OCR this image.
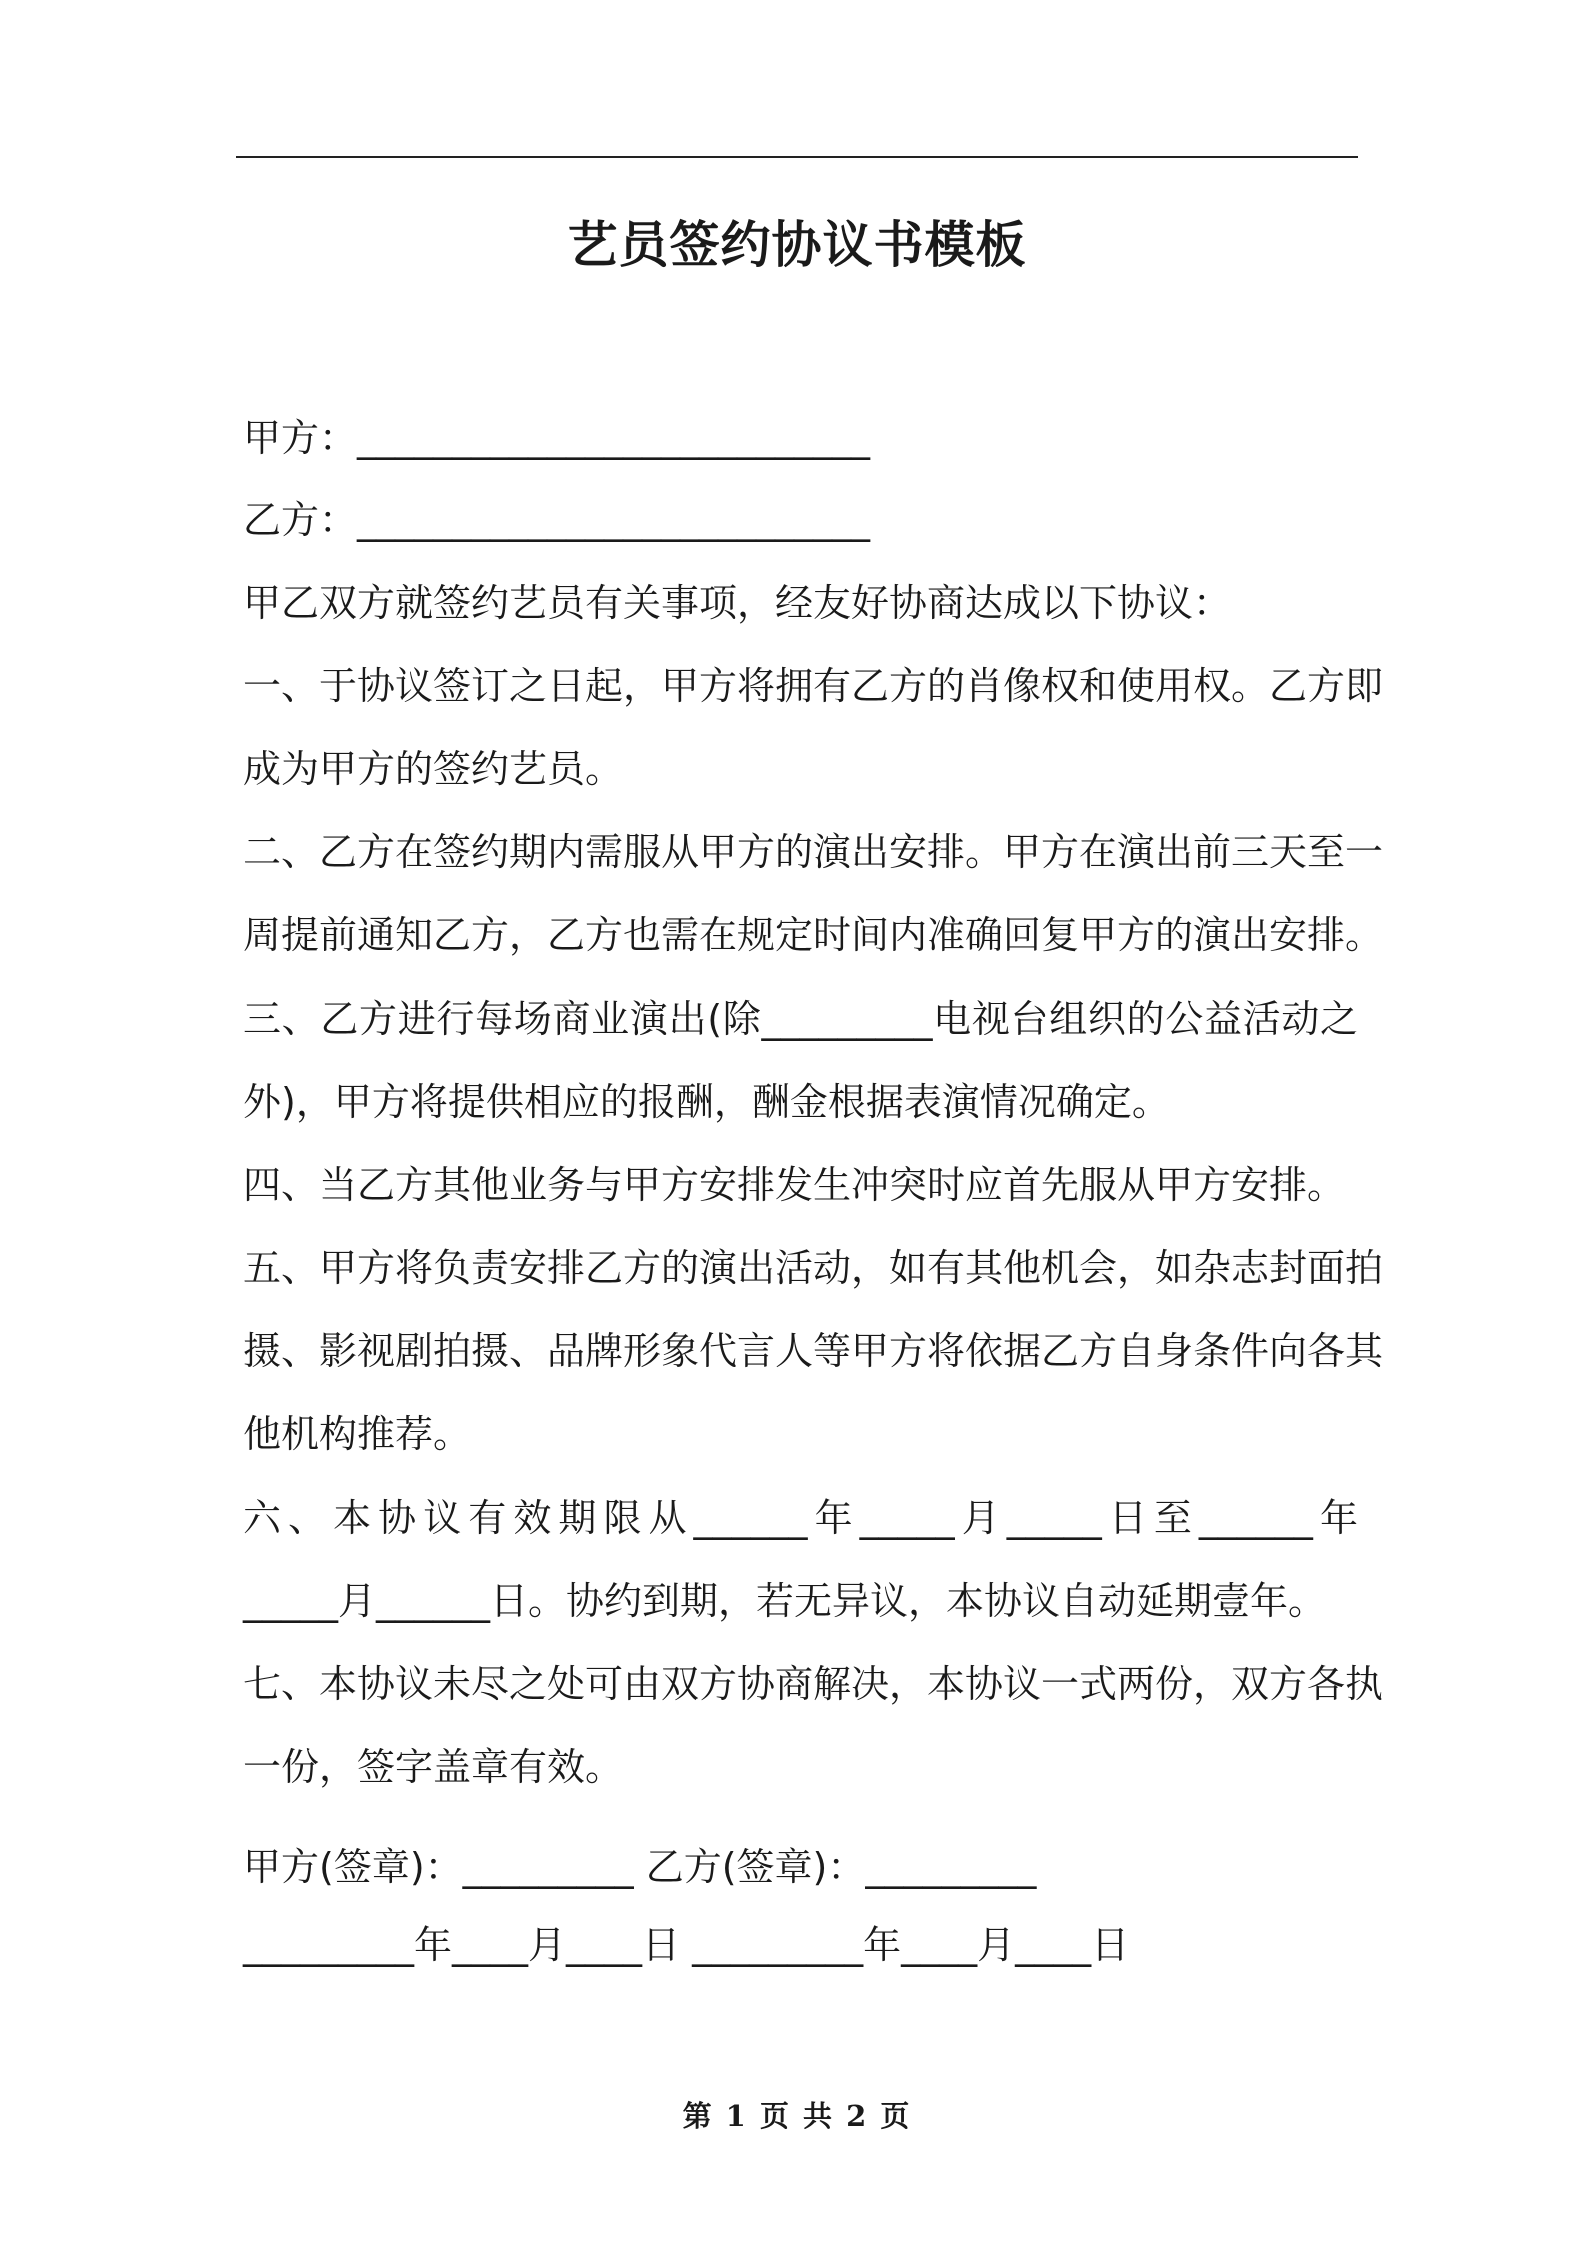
艺员签约协议书模板
甲方：___________________________
乙方：___________________________
甲乙双方就签约艺员有关事项，经友好协商达成以下协议：
一、于协议签订之日起，甲方将拥有乙方的肖像权和使用权。乙方即
成为甲方的签约艺员。
二、乙方在签约期内需服从甲方的演出安排。甲方在演出前三天至一
周提前通知乙方，乙方也需在规定时间内准确回复甲方的演出安排。
三、乙方进行每场商业演出(除_________电视台组织的公益活动之
外)，甲方将提供相应的报酬，酬金根据表演情况确定。
四、当乙方其他业务与甲方安排发生冲突时应首先服从甲方安排。
五、甲方将负责安排乙方的演出活动，如有其他机会，如杂志封面拍
摄、影视剧拍摄、品牌形象代言人等甲方将依据乙方自身条件向各其
他机构推荐。
六、本协议有效期限从______年_____月_____日至______年
_____月______日。协约到期，若无异议，本协议自动延期壹年。
七、本协议未尽之处可由双方协商解决，本协议一式两份，双方各执
一份，签字盖章有效。
甲方(签章)：_________ 乙方(签章)：_________
_________年____月____日 _________年____月____日
第 1 页 共 2 页
